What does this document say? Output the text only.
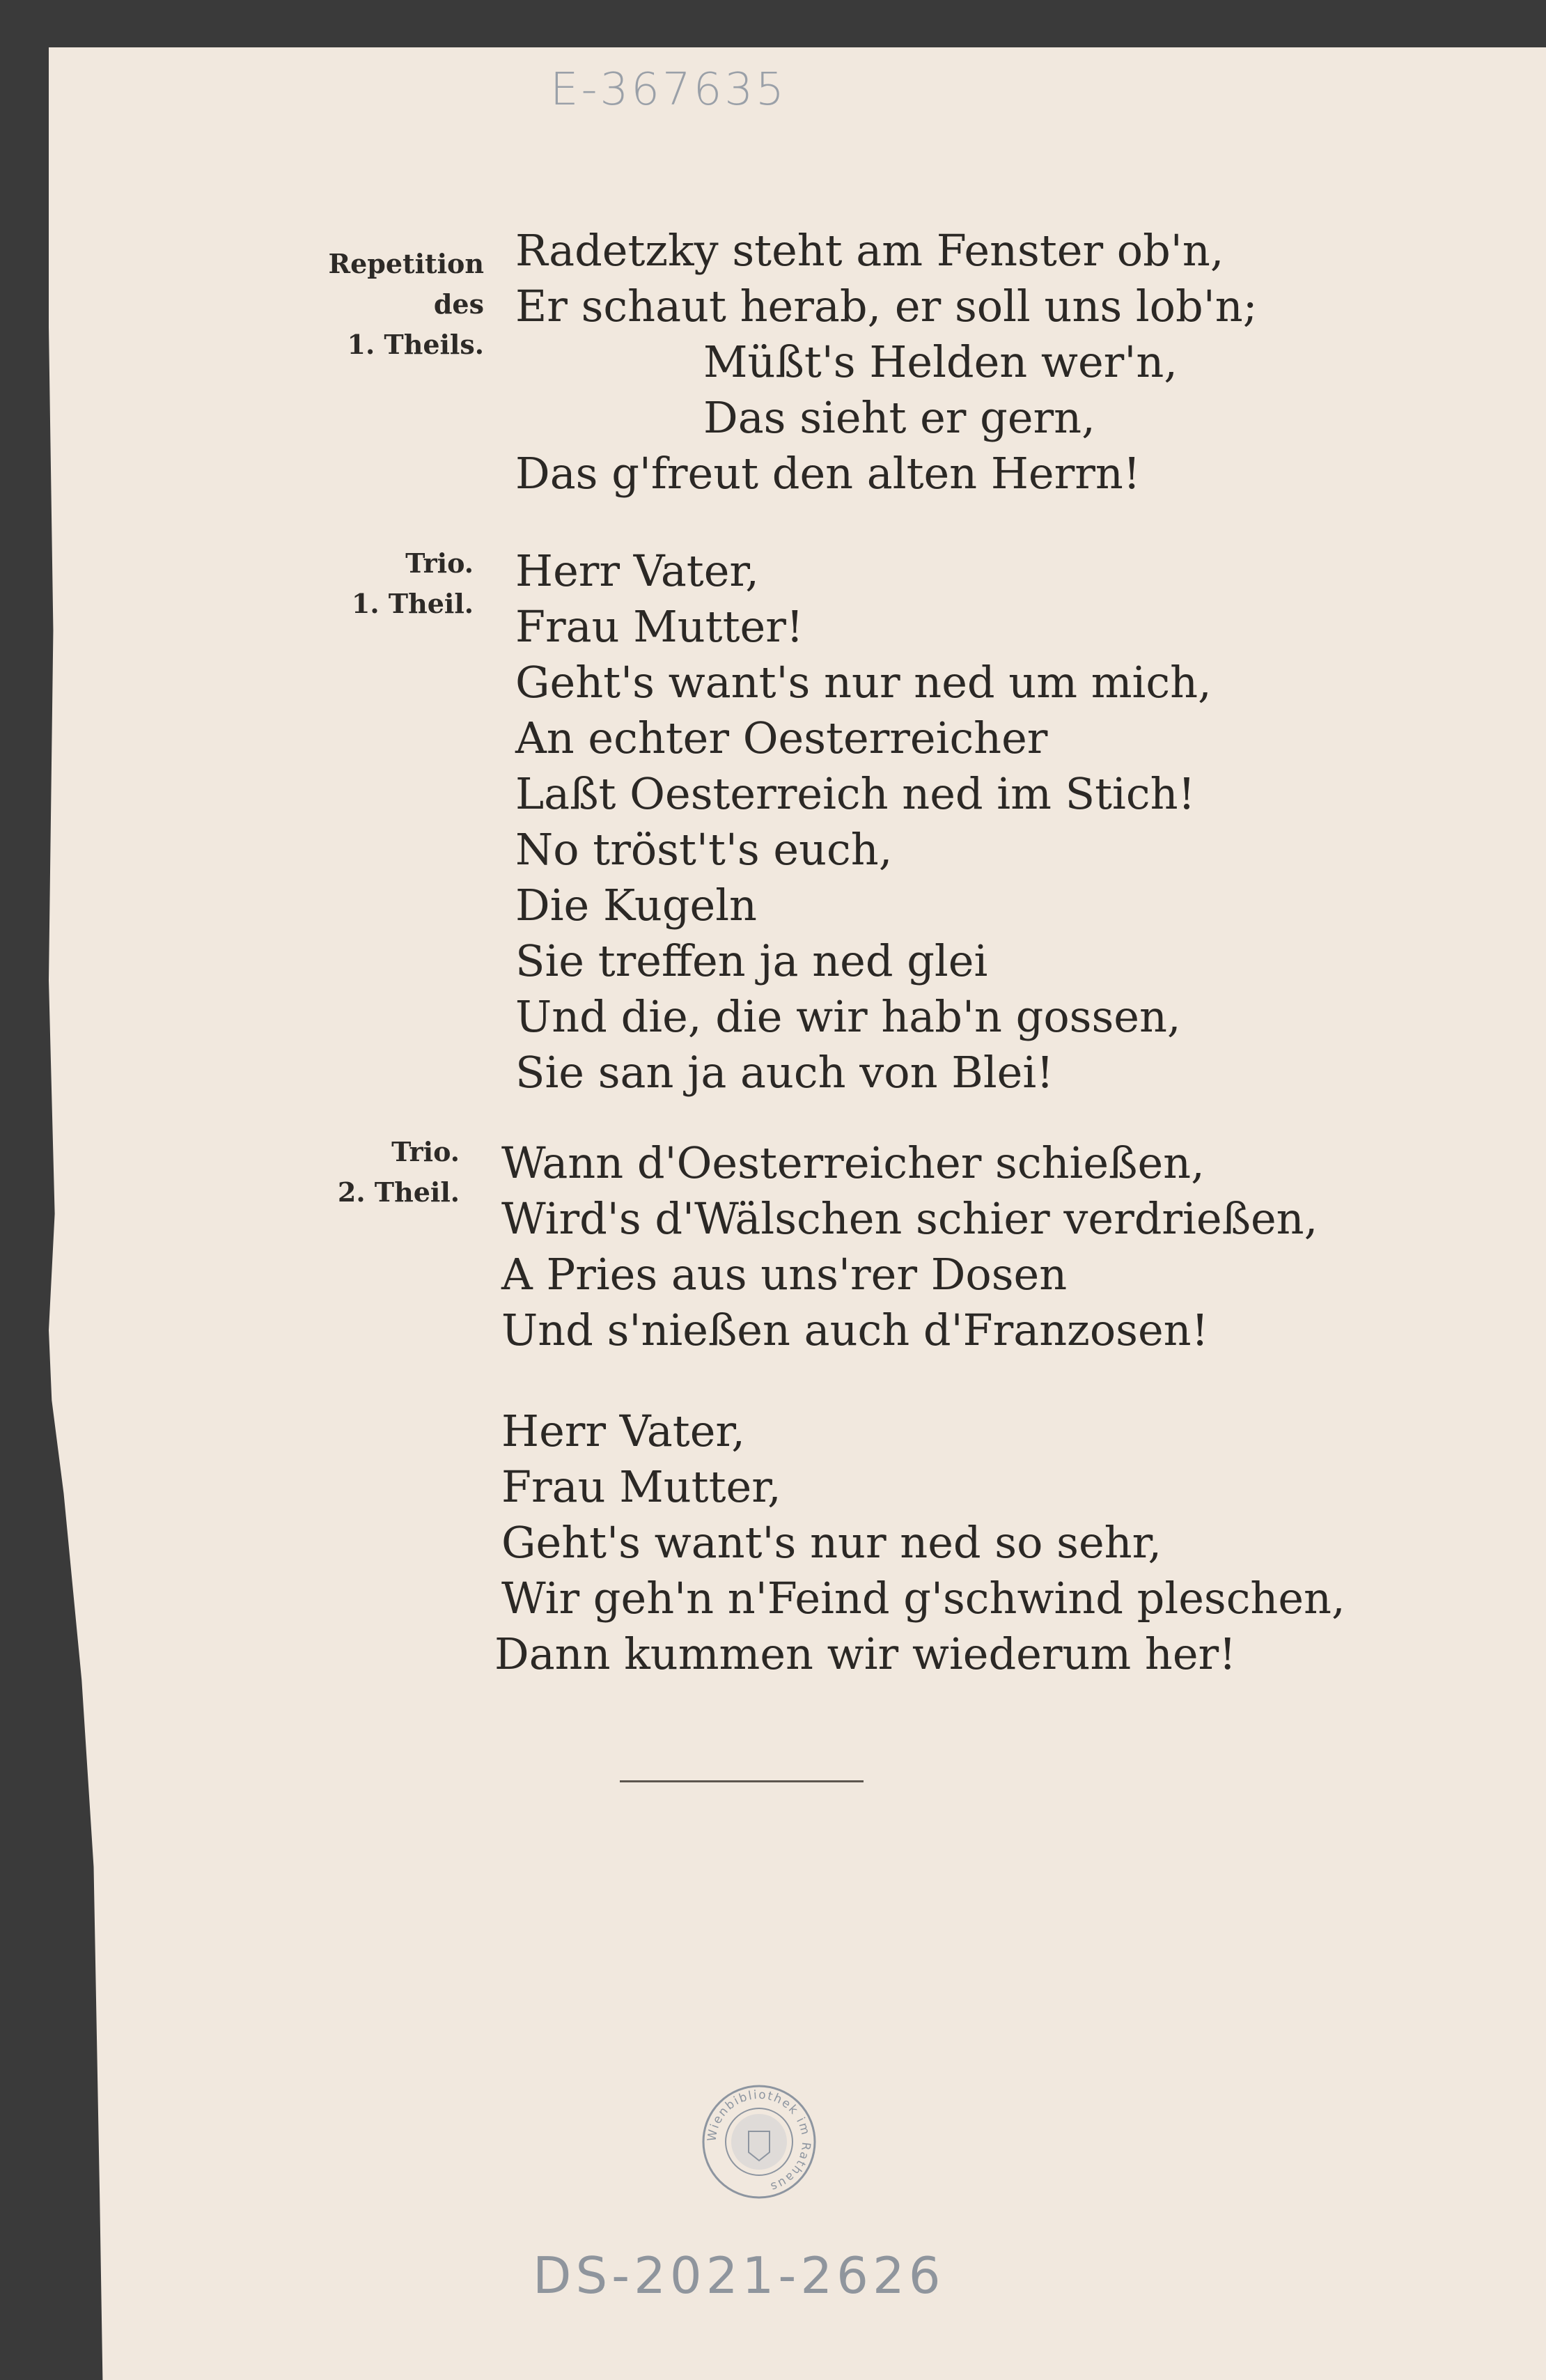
E-367635
Repetition des
1. Theils.
Radetzky steht am Fenster ob'n,
Er schaut herab, er soll uns lob'n;
Müßt's Helden wer'n,
Das sieht er gern,
Das g'freut den alten Herrn!
Trio.
1. Theil.
Herr Vater,
Frau Mutter!
Geht's want's nur ned um mich,
An echter Oesterreicher
Laßt Oesterreich ned im Stich!
No tröst't's euch,
Die Kugeln
Sie treffen ja ned glei
Und die, die wir hab'n gossen,
Sie san ja auch von Blei!
Trio.
2. Theil.
Wann d'Oesterreicher schießen,
Wird's d'Wälschen schier verdrießen,
A Pries aus uns'rer Dosen
Und s'nießen auch d'Franzosen!
Herr Vater,
Frau Mutter,
Geht's want's nur ned so sehr,
Wir geh'n n'Feind g'schwind pleschen,
Dann kummen wir wiederum her!
Wienbibliothek im Rathaus
DS-2021-2626
